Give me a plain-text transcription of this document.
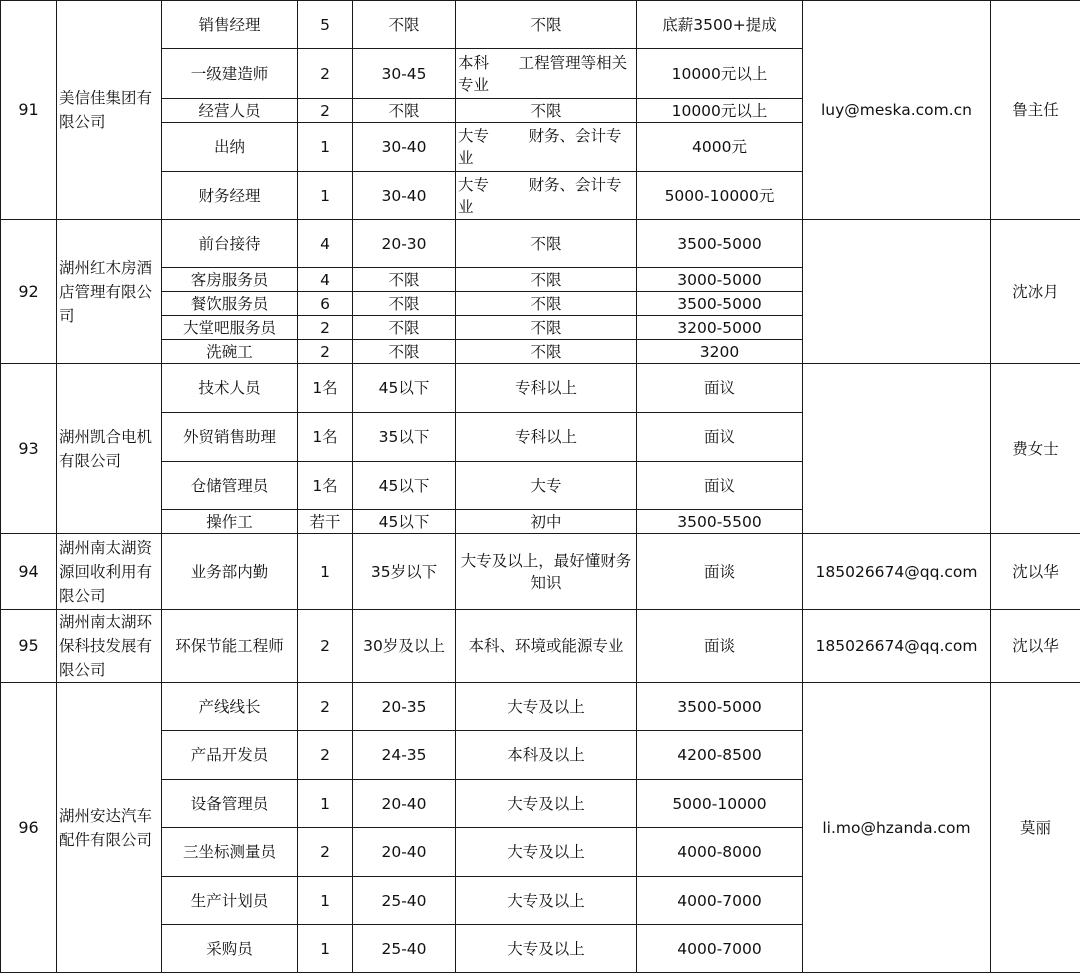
91	美信佳集团有限公司	销售经理	5	不限	不限	底薪3500+提成	luy@meska.com.cn	鲁主任
		一级建造师	2	30-45	本科 工程管理等相关专业	10000元以上		
		经营人员	2	不限	不限	10000元以上		
		出纳	1	30-40	大专 财务、会计专业	4000元		
		财务经理	1	30-40	大专 财务、会计专业	5000-10000元		
92	湖州红木房酒店管理有限公司	前台接待	4	20-30	不限	3500-5000		沈冰月
		客房服务员	4	不限	不限	3000-5000		
		餐饮服务员	6	不限	不限	3500-5000		
		大堂吧服务员	2	不限	不限	3200-5000		
		洗碗工	2	不限	不限	3200		
93	湖州凯合电机有限公司	技术人员	1名	45以下	专科以上	面议		费女士
		外贸销售助理	1名	35以下	专科以上	面议		
		仓储管理员	1名	45以下	大专	面议		
		操作工	若干	45以下	初中	3500-5500		
94	湖州南太湖资源回收利用有限公司	业务部内勤	1	35岁以下	大专及以上，最好懂财务知识	面谈	185026674@qq.com	沈以华
95	湖州南太湖环保科技发展有限公司	环保节能工程师	2	30岁及以上	本科、环境或能源专业	面谈	185026674@qq.com	沈以华
96	湖州安达汽车配件有限公司	产线线长	2	20-35	大专及以上	3500-5000	li.mo@hzanda.com	莫丽
		产品开发员	2	24-35	本科及以上	4200-8500		
		设备管理员	1	20-40	大专及以上	5000-10000		
		三坐标测量员	2	20-40	大专及以上	4000-8000		
		生产计划员	1	25-40	大专及以上	4000-7000		
		采购员	1	25-40	大专及以上	4000-7000		
